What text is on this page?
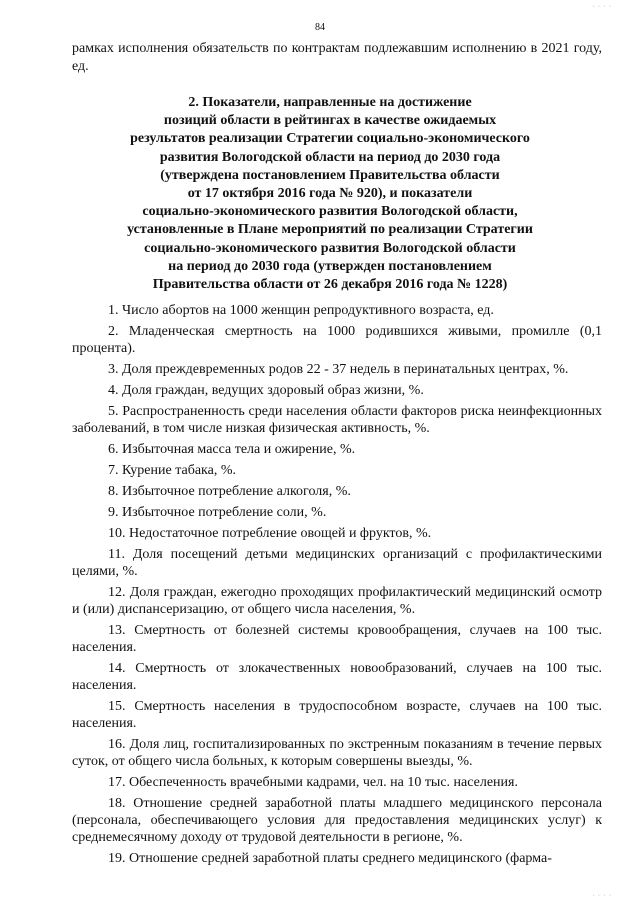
84
рамках исполнения обязательств по контрактам подлежавшим исполнению в 2021 году, ед.
2. Показатели, направленные на достижение
позиций области в рейтингах в качестве ожидаемых
результатов реализации Стратегии социально-экономического
развития Вологодской области на период до 2030 года
(утверждена постановлением Правительства области
от 17 октября 2016 года № 920), и показатели
социально-экономического развития Вологодской области,
установленные в Плане мероприятий по реализации Стратегии
социально-экономического развития Вологодской области
на период до 2030 года (утвержден постановлением
Правительства области от 26 декабря 2016 года № 1228)

1. Число абортов на 1000 женщин репродуктивного возраста, ед.

2. Младенческая смертность на 1000 родившихся живыми, промилле (0,1 процента).

3. Доля преждевременных родов 22 - 37 недель в перинатальных центрах, %.

4. Доля граждан, ведущих здоровый образ жизни, %.

5. Распространенность среди населения области факторов риска неинфекционных заболеваний, в том числе низкая физическая активность, %.

6. Избыточная масса тела и ожирение, %.

7. Курение табака, %.

8. Избыточное потребление алкоголя, %.

9. Избыточное потребление соли, %.

10. Недостаточное потребление овощей и фруктов, %.

11. Доля посещений детьми медицинских организаций с профилактическими целями, %.

12. Доля граждан, ежегодно проходящих профилактический медицинский осмотр и (или) диспансеризацию, от общего числа населения, %.

13. Смертность от болезней системы кровообращения, случаев на 100 тыс. населения.

14. Смертность от злокачественных новообразований, случаев на 100 тыс. населения.

15. Смертность населения в трудоспособном возрасте, случаев на 100 тыс. населения.

16. Доля лиц, госпитализированных по экстренным показаниям в течение первых суток, от общего числа больных, к которым совершены выезды, %.

17. Обеспеченность врачебными кадрами, чел. на 10 тыс. населения.

18. Отношение средней заработной платы младшего медицинского персонала (персонала, обеспечивающего условия для предоставления медицинских услуг) к среднемесячному доходу от трудовой деятельности в регионе, %.

19. Отношение средней заработной платы среднего медицинского (фарма-

· · · ·
· · · ·
